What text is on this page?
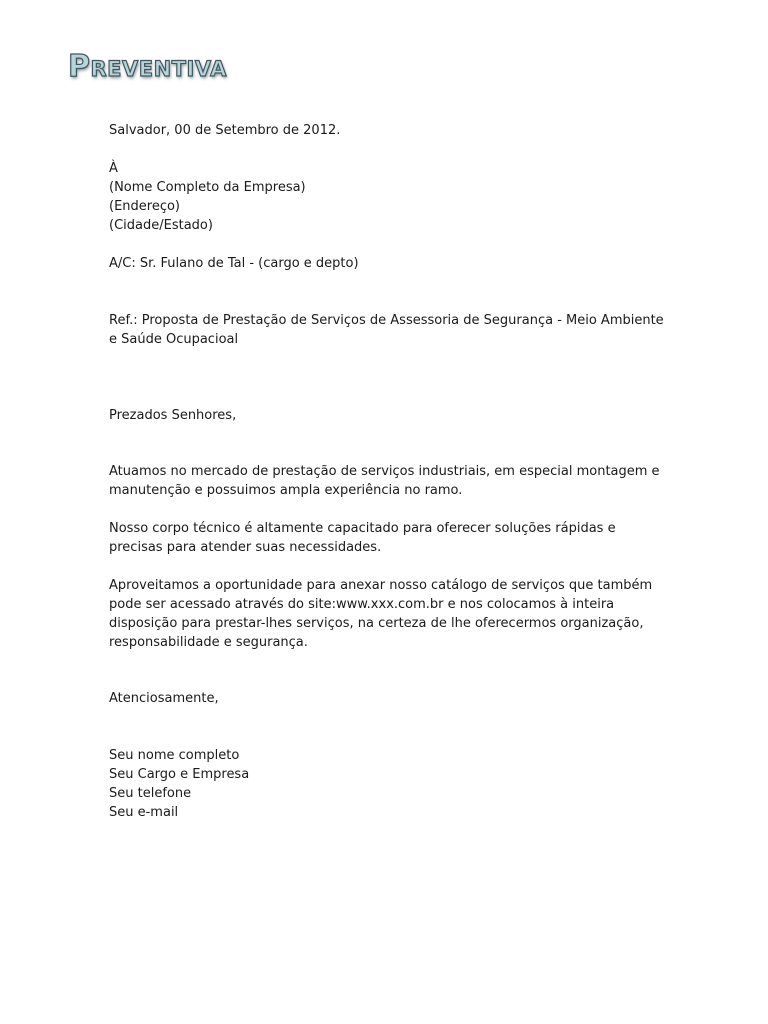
Preventiva
Salvador, 00 de Setembro de 2012.
À
(Nome Completo da Empresa)
(Endereço)
(Cidade/Estado)
A/C: Sr. Fulano de Tal - (cargo e depto)
Ref.: Proposta de Prestação de Serviços de Assessoria de Segurança - Meio Ambiente
e Saúde Ocupacioal
Prezados Senhores,
Atuamos no mercado de prestação de serviços industriais, em especial montagem e
manutenção e possuimos ampla experiência no ramo.
Nosso corpo técnico é altamente capacitado para oferecer soluções rápidas e
precisas para atender suas necessidades.
Aproveitamos a oportunidade para anexar nosso catálogo de serviços que também
pode ser acessado através do site:www.xxx.com.br e nos colocamos à inteira
disposição para prestar-lhes serviços, na certeza de lhe oferecermos organização,
responsabilidade e segurança.
Atenciosamente,
Seu nome completo
Seu Cargo e Empresa
Seu telefone
Seu e-mail
